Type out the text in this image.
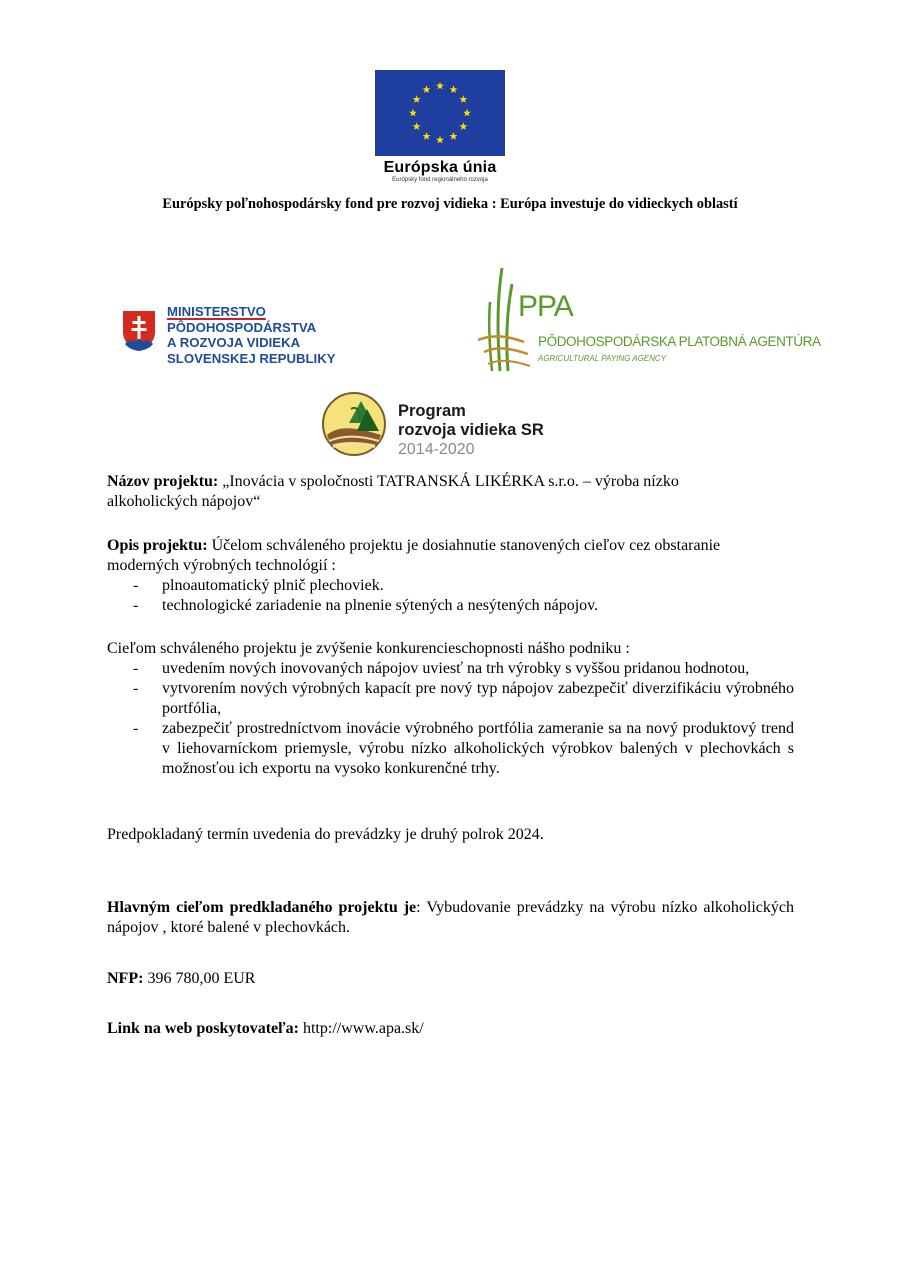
Európska únia
Európsky fond regionálneho rozvoja
Európsky poľnohospodársky fond pre rozvoj vidieka : Európa investuje do vidieckych oblastí
MINISTERSTVO
PÔDOHOSPODÁRSTVA
A ROZVOJA VIDIEKA
SLOVENSKEJ REPUBLIKY
PPA
PÔDOHOSPODÁRSKA PLATOBNÁ AGENTÚRA
AGRICULTURAL PAYING AGENCY
Program
rozvoja vidieka SR
2014-2020
Názov projektu: „Inovácia v spoločnosti TATRANSKÁ LIKÉRKA s.r.o. – výroba nízko
alkoholických nápojov“
Opis projektu: Účelom schváleného projektu je dosiahnutie stanovených cieľov cez obstaranie
moderných výrobných technológií :
- plnoautomatický plnič plechoviek.
- technologické zariadenie na plnenie sýtených a nesýtených nápojov.
Cieľom schváleného projektu je zvýšenie konkurencieschopnosti nášho podniku :
- uvedením nových inovovaných nápojov uviesť na trh výrobky s vyššou pridanou hodnotou,
- vytvorením nových výrobných kapacít pre nový typ nápojov zabezpečiť diverzifikáciu výrobného portfólia,
- zabezpečiť prostredníctvom inovácie výrobného portfólia zameranie sa na nový produktový trend v liehovarníckom priemysle, výrobu nízko alkoholických výrobkov balených v plechovkách s možnosťou ich exportu na vysoko konkurenčné trhy.
Predpokladaný termín uvedenia do prevádzky je druhý polrok 2024.
Hlavným cieľom predkladaného projektu je: Vybudovanie prevádzky na výrobu nízko alkoholických nápojov , ktoré balené v plechovkách.
NFP: 396 780,00 EUR
Link na web poskytovateľa: http://www.apa.sk/
